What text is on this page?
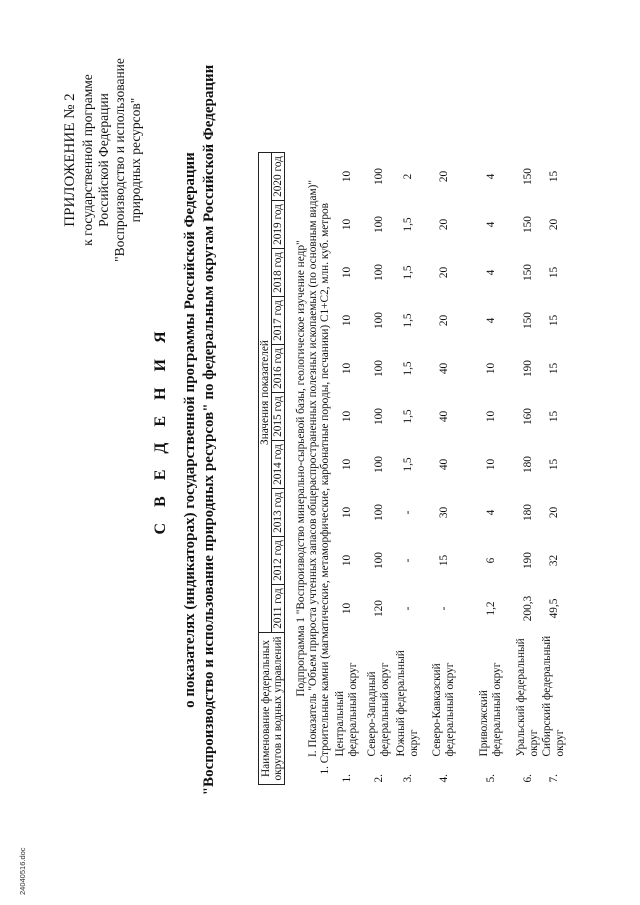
ПРИЛОЖЕНИЕ № 2 к государственной программе Российской Федерации "Воспроизводство и использование природных ресурсов"
С В Е Д Е Н И Я о показателях (индикаторах) государственной программы Российской Федерации "Воспроизводство и использование природных ресурсов" по федеральным округам Российской Федерации	Наименование федеральных округов и водных управлений		Значения показателей									
		2011 год	2012 год	2013 год	2014 год	2015 год	2016 год	2017 год	2018 год	2019 год	2020 год
Подпрограмма 1 "Воспроизводство минерально-сырьевой базы, геологическое изучение недр"											
I. Показатель "Объем прироста учтенных запасов общераспространенных полезных ископаемых (по основным видам)"											
1. Строительные камни (магматические, метаморфические, карбонатные породы, песчаники) С1+С2, млн. куб. метров											
1.	Центральный федеральный округ	10	10	10	10	10	10	10	10	10	10
2.	Северо-Западный федеральный округ	120	100	100	100	100	100	100	100	100	100
3.	Южный федеральный округ	-	-	-	1,5	1,5	1,5	1,5	1,5	1,5	2
4.	Северо-Кавказский федеральный округ	-	15	30	40	40	40	20	20	20	20
5.	Приволжский федеральный округ	1,2	6	4	10	10	10	4	4	4	4
6.	Уральский федеральный округ	200,3	190	180	180	160	190	150	150	150	150
7.	Сибирский федеральный округ	49,5	32	20	15	15	15	15	15	20	15
24040516.doc
